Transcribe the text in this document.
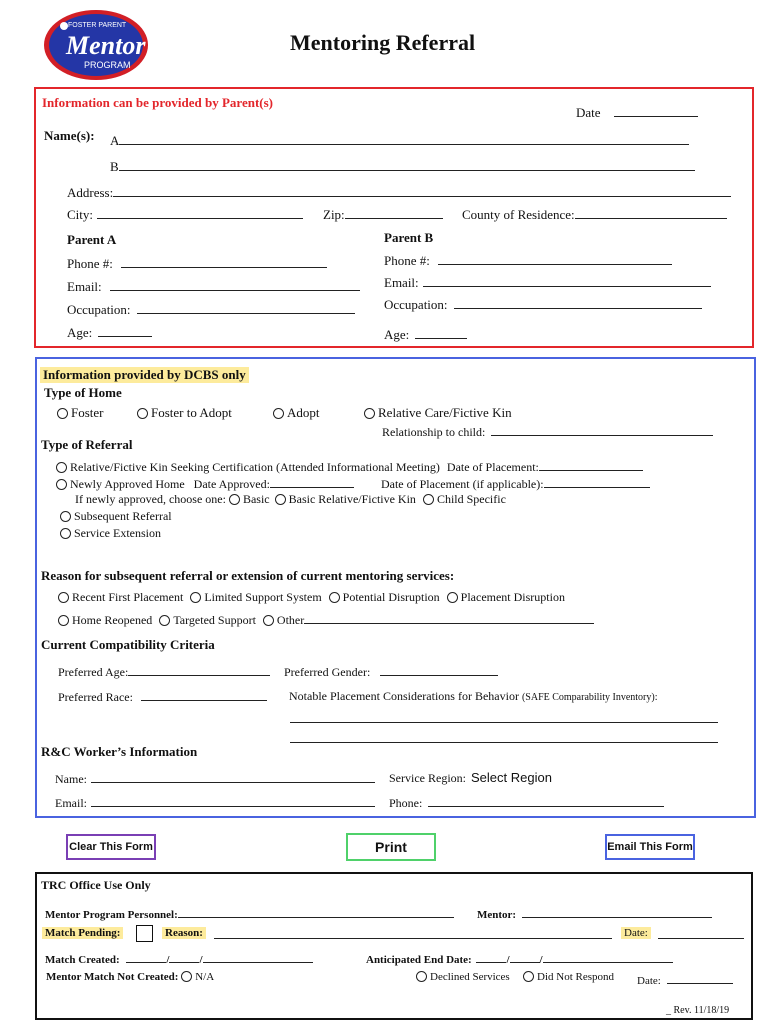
FOSTER PARENT
Mentor
PROGRAM
Mentoring Referral
Information can be provided by Parent(s)
Date
Name(s): A
B
Address:
City:	Zip:	County of Residence:
Parent A
Phone #:
Email:
Occupation:
Age:
Parent B
Phone #:
Email:
Occupation:
Age:
Information provided by DCBS only
Type of Home
Foster	Foster to Adopt	Adopt	Relative Care/Fictive Kin
Relationship to child:
Type of Referral
Relative/Fictive Kin Seeking Certification (Attended Informational Meeting) Date of Placement:
Newly Approved Home Date Approved:	Date of Placement (if applicable):
If newly approved, choose one: Basic Basic Relative/Fictive Kin Child Specific
Subsequent Referral
Service Extension
Reason for subsequent referral or extension of current mentoring services:
Recent First Placement Limited Support System Potential Disruption Placement Disruption
Home Reopened Targeted Support Other
Current Compatibility Criteria
Preferred Age:	Preferred Gender:
Preferred Race:	Notable Placement Considerations for Behavior (SAFE Comparability Inventory):
R&C Worker’s Information
Name:	Service Region: Select Region
Email:	Phone:
Clear This Form	Print	Email This Form
TRC Office Use Only
Mentor Program Personnel:	Mentor:
Match Pending:	Reason:	Date:
Match Created:	/	/	Anticipated End Date:	/	/
Mentor Match Not Created: N/A	Declined Services	Did Not Respond Date:
_ Rev. 11/18/19
